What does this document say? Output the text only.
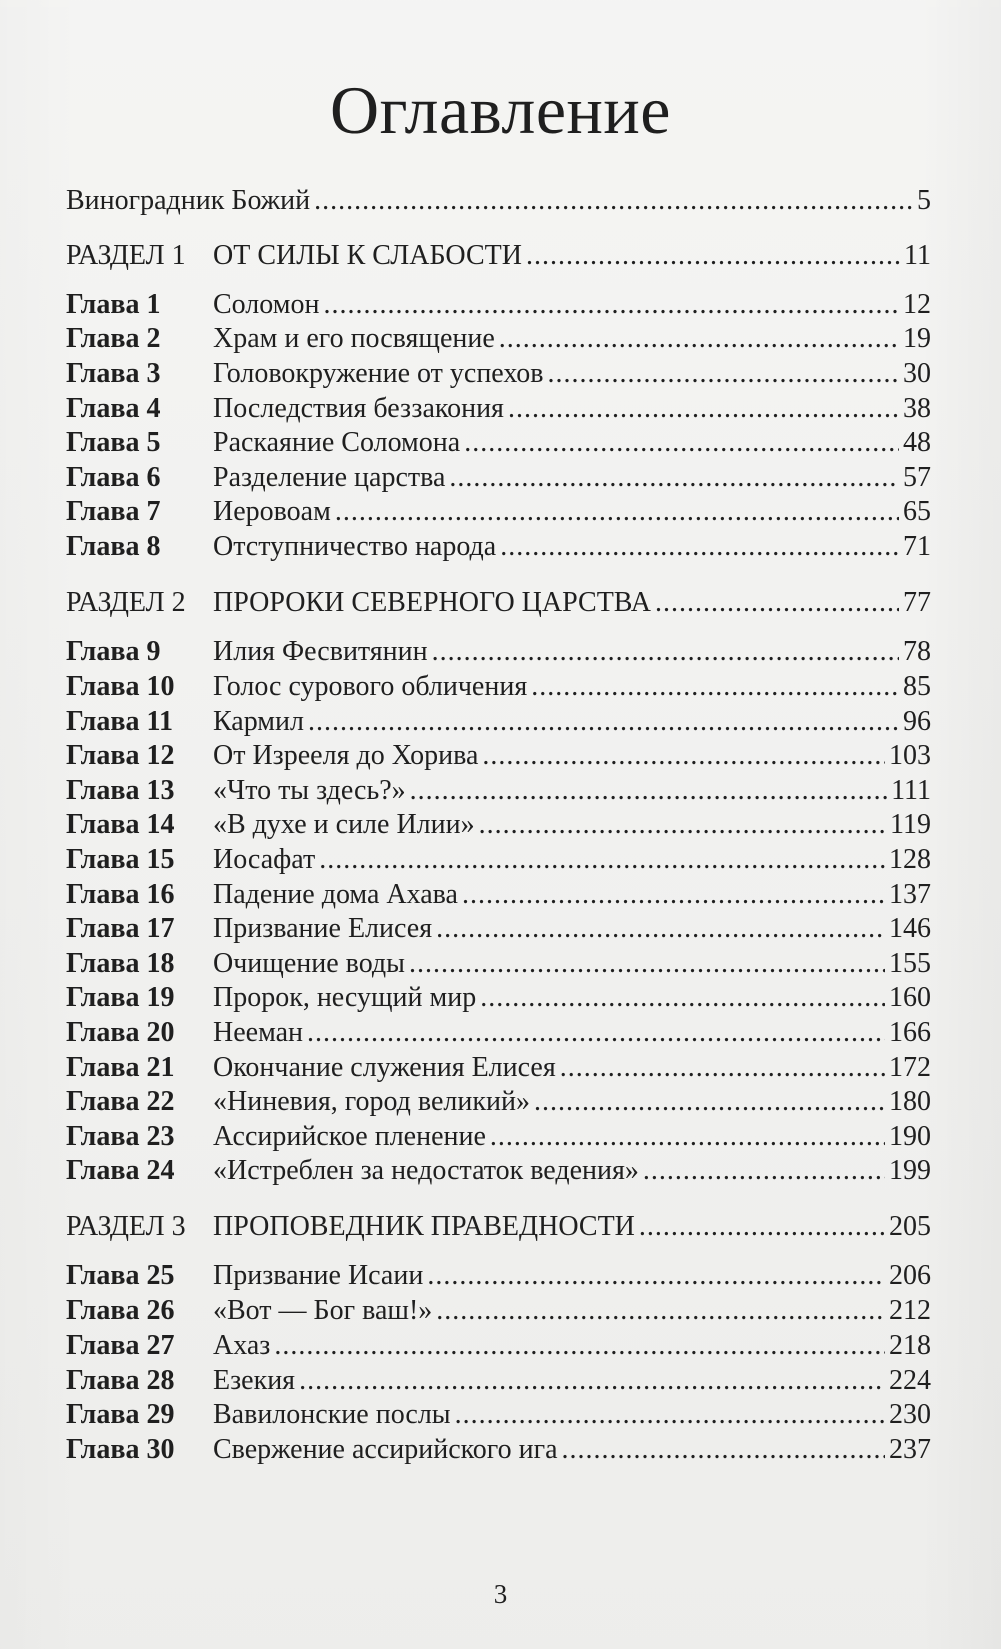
Оглавление
Виноградник Божий .....	5
РАЗДЕЛ 1 ОТ СИЛЫ К СЛАБОСТИ .....	11
Глава 1	Соломон .....	12
Глава 2	Храм и его посвящение .....	19
Глава 3	Головокружение от успехов .....	30
Глава 4	Последствия беззакония .....	38
Глава 5	Раскаяние Соломона .....	48
Глава 6	Разделение царства .....	57
Глава 7	Иеровоам .....	65
Глава 8	Отступничество народа .....	71
РАЗДЕЛ 2 ПРОРОКИ СЕВЕРНОГО ЦАРСТВА .....	77
Глава 9	Илия Фесвитянин .....	78
Глава 10	Голос сурового обличения .....	85
Глава 11	Кармил .....	96
Глава 12	От Изрееля до Хорива .....	103
Глава 13	«Что ты здесь?» .....	111
Глава 14	«В духе и силе Илии» .....	119
Глава 15	Иосафат .....	128
Глава 16	Падение дома Ахава .....	137
Глава 17	Призвание Елисея .....	146
Глава 18	Очищение воды .....	155
Глава 19	Пророк, несущий мир .....	160
Глава 20	Нееман .....	166
Глава 21	Окончание служения Елисея .....	172
Глава 22	«Ниневия, город великий» .....	180
Глава 23	Ассирийское пленение .....	190
Глава 24	«Истреблен за недостаток ведения» .....	199
РАЗДЕЛ 3 ПРОПОВЕДНИК ПРАВЕДНОСТИ .....	205
Глава 25	Призвание Исаии .....	206
Глава 26	«Вот — Бог ваш!» .....	212
Глава 27	Ахаз .....	218
Глава 28	Езекия .....	224
Глава 29	Вавилонские послы .....	230
Глава 30	Свержение ассирийского ига .....	237
3
